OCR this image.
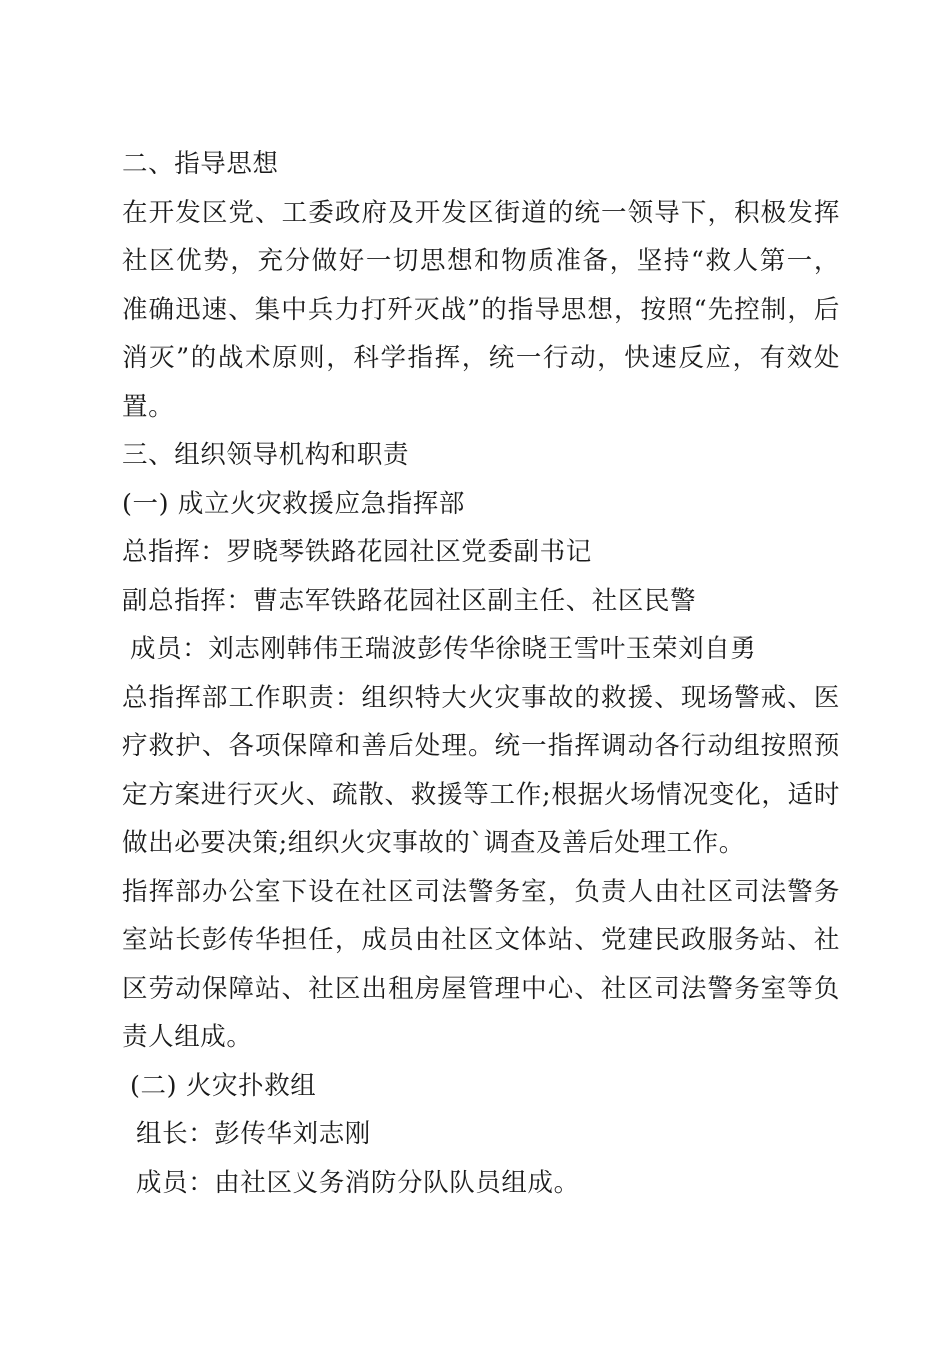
二、指导思想

在开发区党、工委政府及开发区街道的统一领导下，积极发挥社区优势，充分做好一切思想和物质准备，坚持“救人第一，准确迅速、集中兵力打歼灭战”的指导思想，按照“先控制，后消灭”的战术原则，科学指挥，统一行动，快速反应，有效处置。

三、组织领导机构和职责

(一) 成立火灾救援应急指挥部

总指挥：罗晓琴铁路花园社区党委副书记

副总指挥：曹志军铁路花园社区副主任、社区民警

成员：刘志刚韩伟王瑞波彭传华徐晓王雪叶玉荣刘自勇

总指挥部工作职责：组织特大火灾事故的救援、现场警戒、医疗救护、各项保障和善后处理。统一指挥调动各行动组按照预定方案进行灭火、疏散、救援等工作;根据火场情况变化，适时做出必要决策;组织火灾事故的`调查及善后处理工作。

指挥部办公室下设在社区司法警务室，负责人由社区司法警务室站长彭传华担任，成员由社区文体站、党建民政服务站、社区劳动保障站、社区出租房屋管理中心、社区司法警务室等负责人组成。

(二) 火灾扑救组

组长：彭传华刘志刚

成员：由社区义务消防分队队员组成。
